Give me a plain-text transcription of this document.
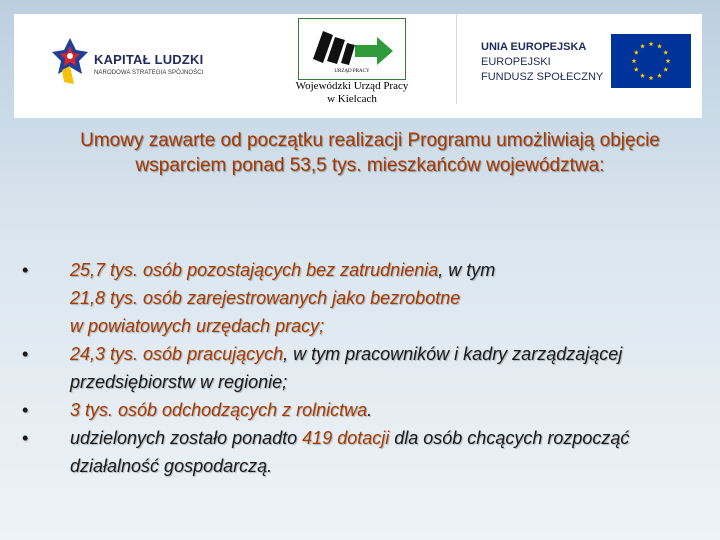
KAPITAŁ LUDZKI
NARODOWA STRATEGIA SPÓJNOŚCI	URZĄD PRACY
Wojewódzki Urząd Pracy
w Kielcach
UNIA EUROPEJSKA
EUROPEJSKI
FUNDUSZ SPOŁECZNY
Umowy zawarte od początku realizacji Programu umożliwiają objęcie wsparciem ponad 53,5 tys. mieszkańców województwa:
•	25,7 tys. osób pozostających bez zatrudnienia, w tym
21,8 tys. osób zarejestrowanych jako bezrobotne
w powiatowych urzędach pracy;
•	24,3 tys. osób pracujących, w tym pracowników i kadry zarządzającej przedsiębiorstw w regionie;
•	3 tys. osób odchodzących z rolnictwa.
•	udzielonych zostało ponadto 419 dotacji dla osób chcących rozpocząć działalność gospodarczą.
